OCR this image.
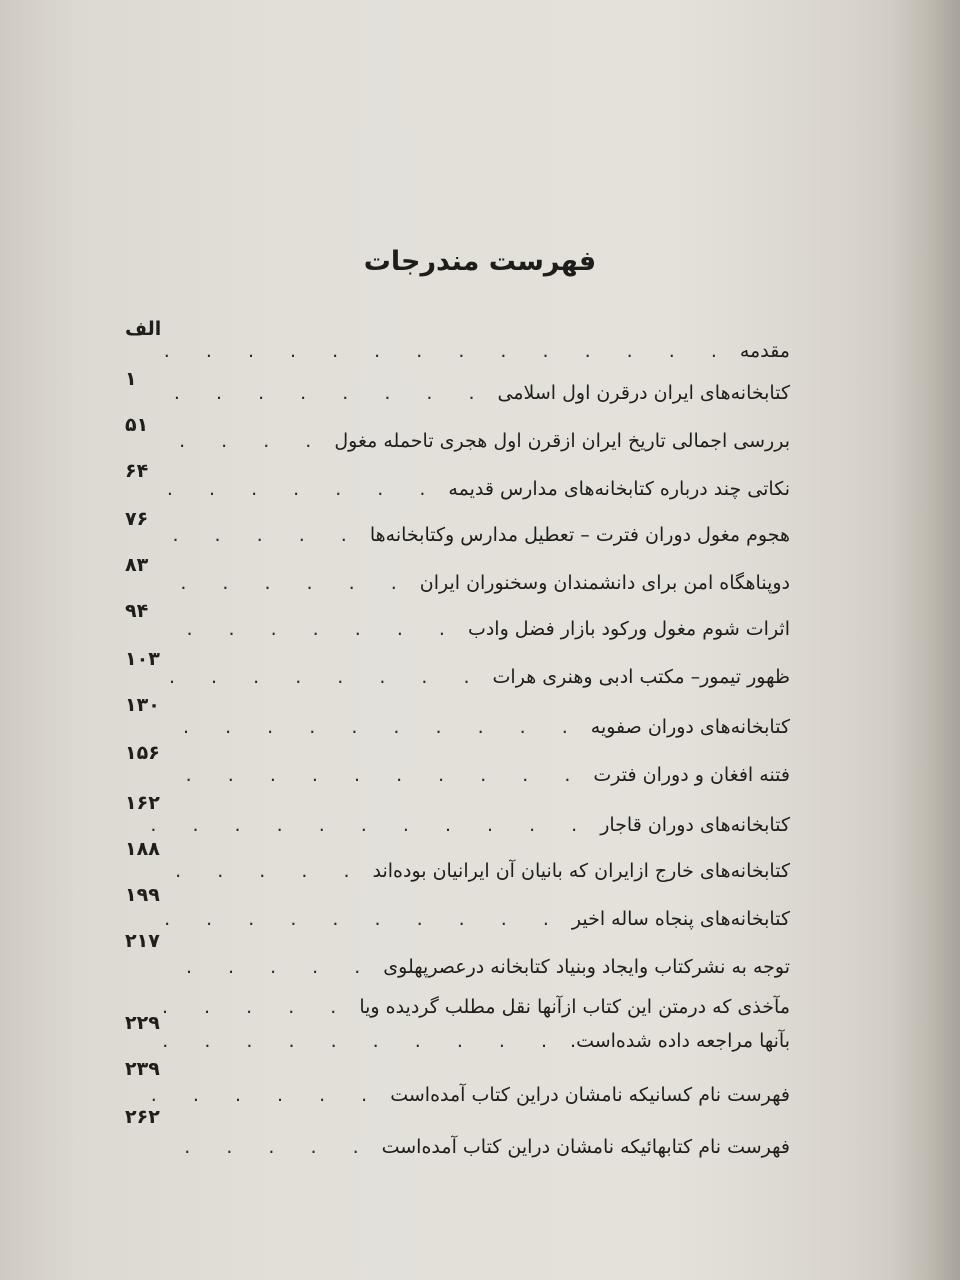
فهرست مندرجات
مقدمه
. . .
الف
کتابخانه‌های ایران درقرن اول اسلامی
. . .
۱
بررسی اجمالی تاریخ ایران ازقرن اول هجری تاحمله مغول
. . .
۵۱
نکاتی چند درباره کتابخانه‌های مدارس قدیمه
. . .
۶۴
هجوم مغول دوران فترت – تعطیل مدارس وکتابخانه‌ها
. . .
۷۶
دوپناهگاه امن برای دانشمندان وسخنوران ایران
. . .
۸۳
اثرات شوم مغول ورکود بازار فضل وادب
. . .
۹۴
ظهور تیمور– مکتب ادبی وهنری هرات
. . .
۱۰۳
کتابخانه‌های دوران صفویه
. . .
۱۳۰
فتنه افغان و دوران فترت
. . .
۱۵۶
کتابخانه‌های دوران قاجار
. . .
۱۶۲
کتابخانه‌های خارج ازایران که بانیان آن ایرانیان بوده‌اند
. . .
۱۸۸
کتابخانه‌های پنجاه ساله اخیر
. . .
۱۹۹
توجه به نشرکتاب وایجاد وبنیاد کتابخانه درعصرپهلوی
. . .
۲۱۷
مآخذی که درمتن این کتاب ازآنها نقل مطلب گردیده ویا
. . .
بآنها مراجعه داده شده‌است.
. . .
۲۲۹
فهرست نام کسانیکه نامشان دراین کتاب آمده‌است
. . .
۲۳۹
فهرست نام کتابهائیکه نامشان دراین کتاب آمده‌است
. . .
۲۶۲
